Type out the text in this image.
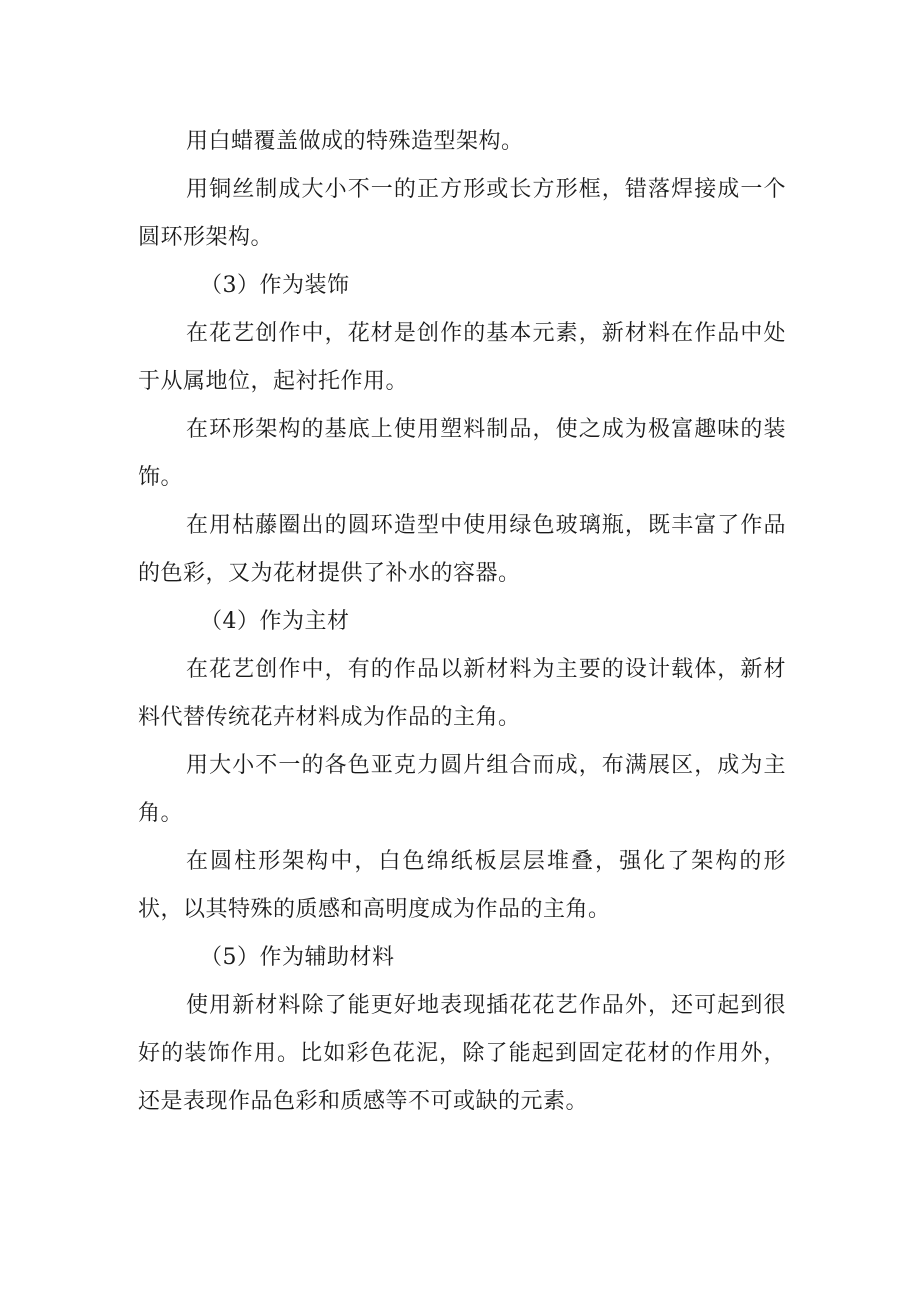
用白蜡覆盖做成的特殊造型架构。

用铜丝制成大小不一的正方形或长方形框，错落焊接成一个圆环形架构。

（3）作为装饰

在花艺创作中，花材是创作的基本元素，新材料在作品中处于从属地位，起衬托作用。

在环形架构的基底上使用塑料制品，使之成为极富趣味的装饰。

在用枯藤圈出的圆环造型中使用绿色玻璃瓶，既丰富了作品的色彩，又为花材提供了补水的容器。

（4）作为主材

在花艺创作中，有的作品以新材料为主要的设计载体，新材料代替传统花卉材料成为作品的主角。

用大小不一的各色亚克力圆片组合而成，布满展区，成为主角。

在圆柱形架构中，白色绵纸板层层堆叠，强化了架构的形状，以其特殊的质感和高明度成为作品的主角。

（5）作为辅助材料

使用新材料除了能更好地表现插花花艺作品外，还可起到很好的装饰作用。比如彩色花泥，除了能起到固定花材的作用外，还是表现作品色彩和质感等不可或缺的元素。
